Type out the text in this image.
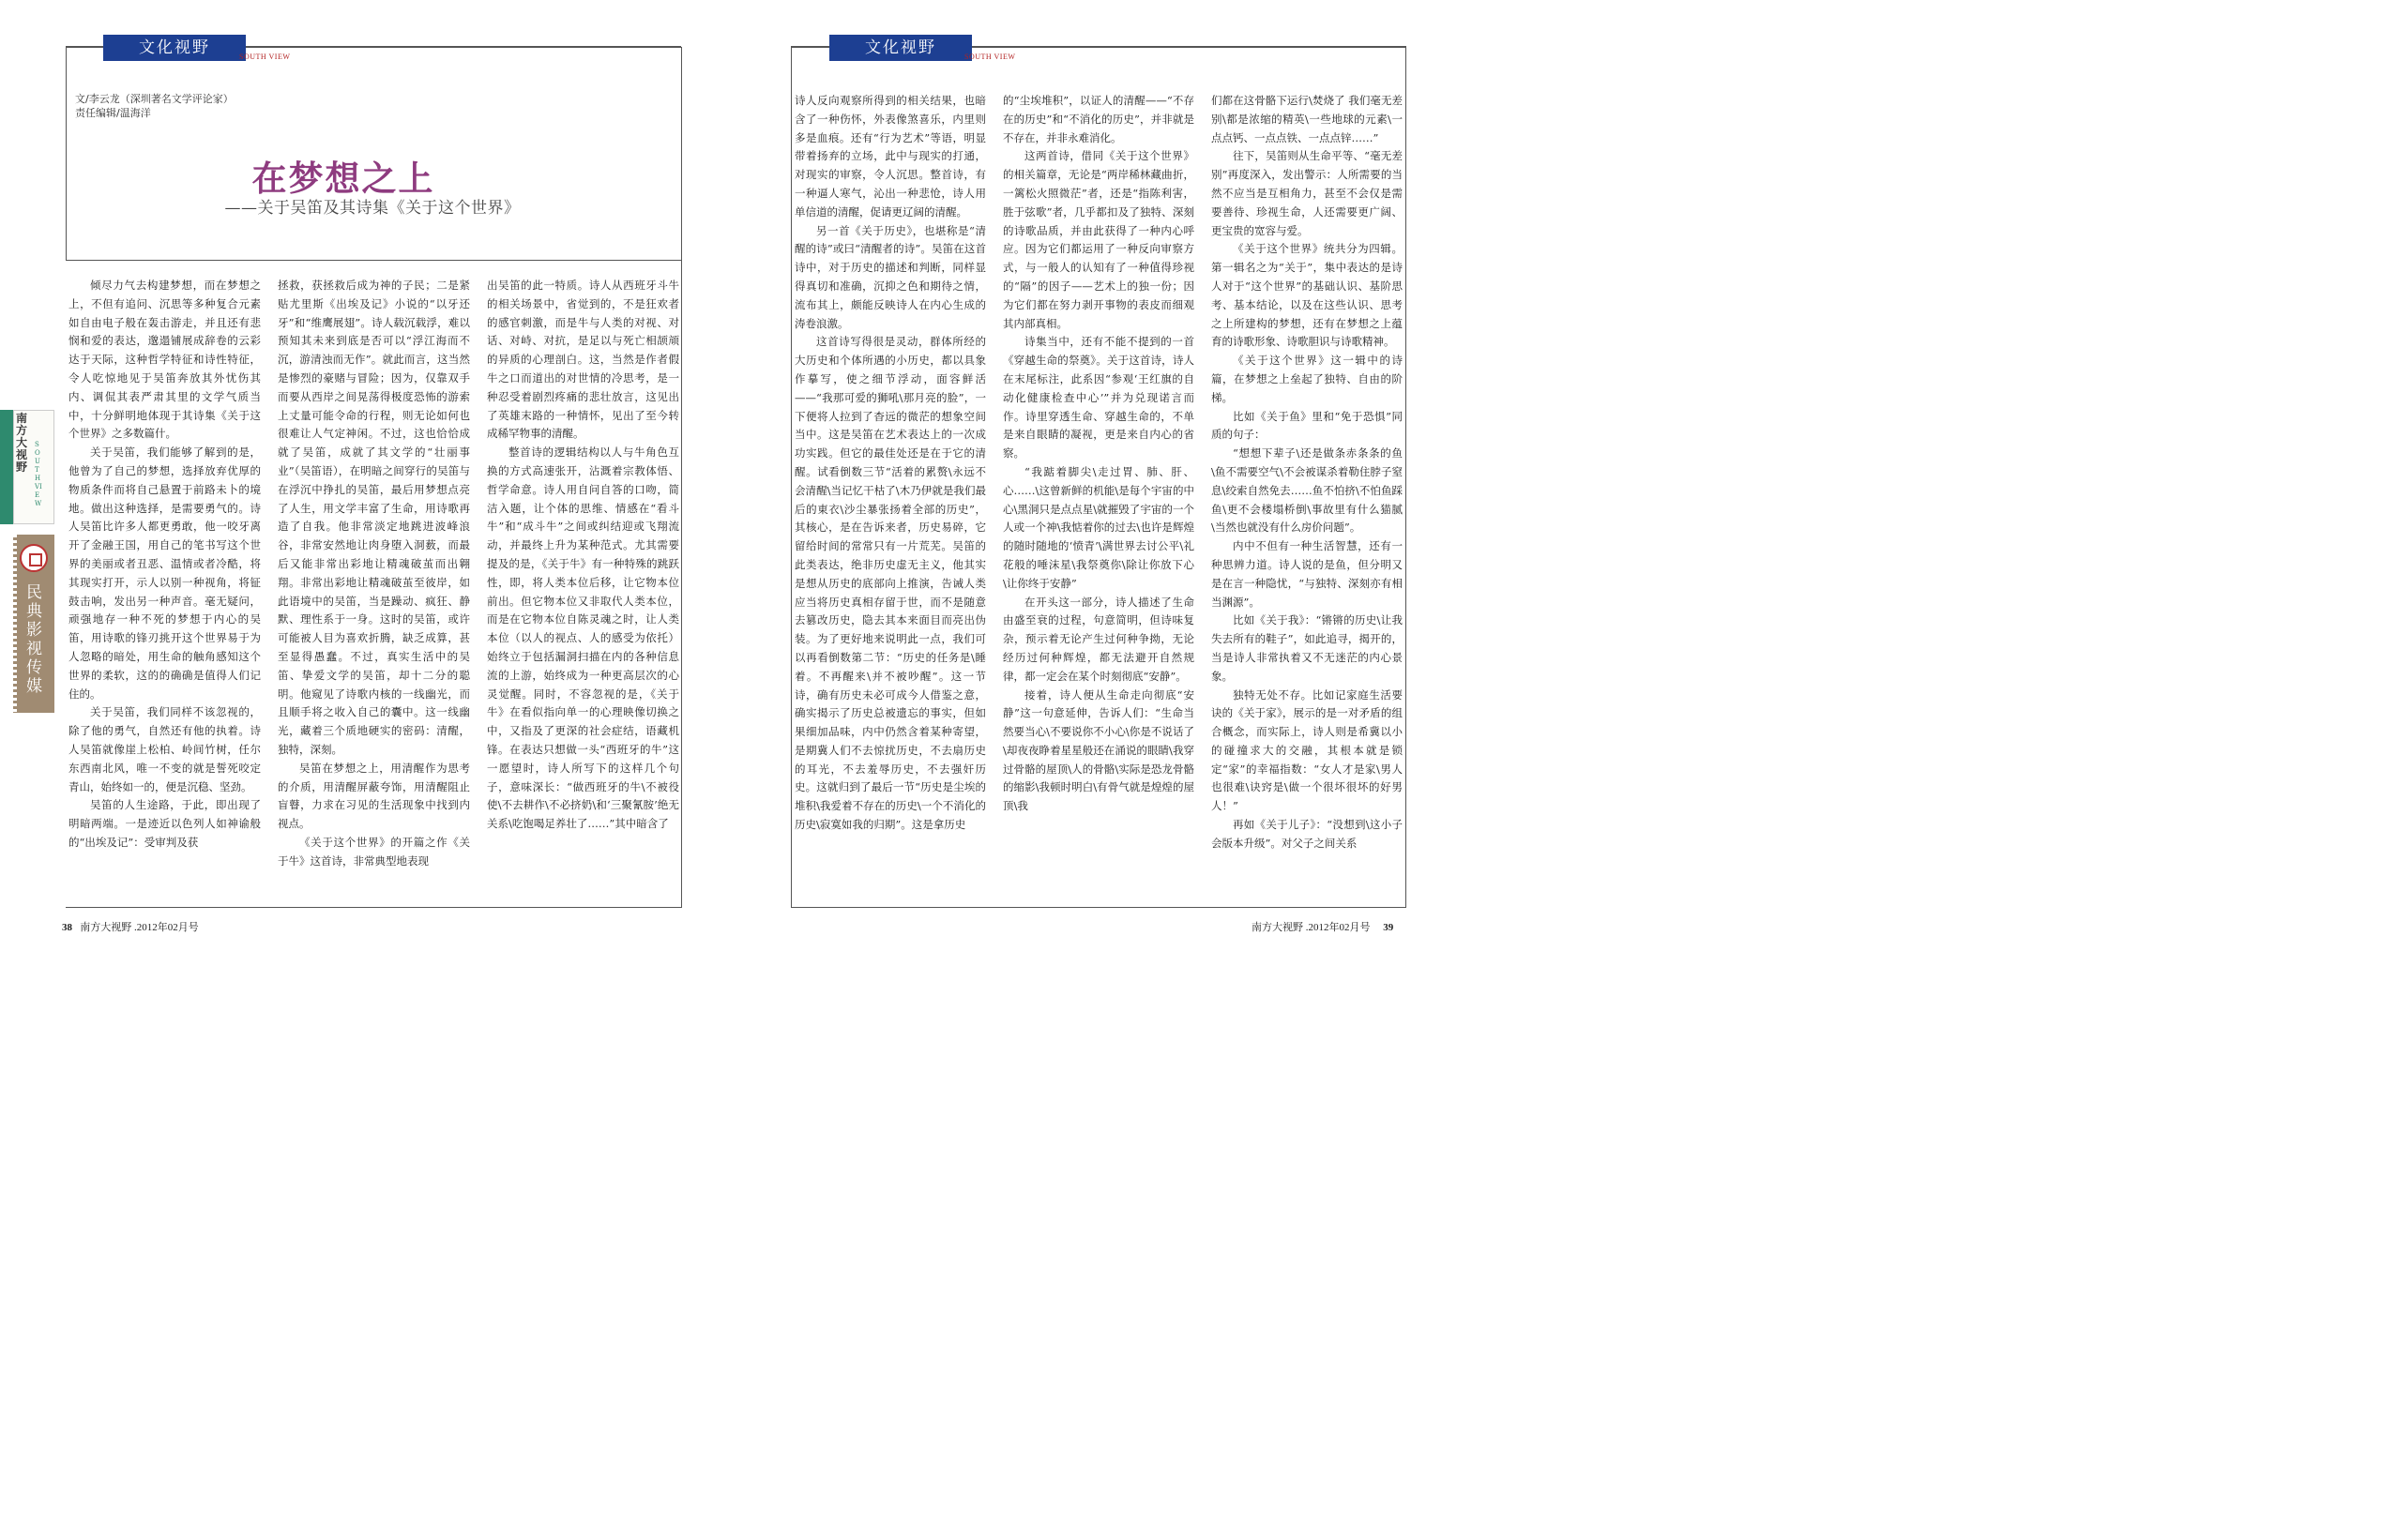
文化视野	SOUTH VIEW
文/李云龙（深圳著名文学评论家）
责任编辑/温海洋
在梦想之上
——关于吴笛及其诗集《关于这个世界》

倾尽力气去构建梦想，而在梦想之上，不但有追问、沉思等多种复合元素如自由电子般在轰击游走，并且还有悲悯和爱的表达，邈遢铺展成辞卷的云彩达于天际，这种哲学特征和诗性特征，令人吃惊地见于吴笛奔放其外忧伤其内、调侃其表严肃其里的文学气质当中，十分鲜明地体现于其诗集《关于这个世界》之多数篇什。

关于吴笛，我们能够了解到的是，他曾为了自己的梦想，选择放弃优厚的物质条件而将自己悬置于前路未卜的境地。做出这种选择，是需要勇气的。诗人吴笛比许多人都更勇敢，他一咬牙离开了金融王国，用自己的笔书写这个世界的美丽或者丑恶、温情或者冷酷，将其现实打开，示人以别一种视角，将钲鼓击响，发出另一种声音。毫无疑问，顽强地存一种不死的梦想于内心的吴笛，用诗歌的锋刃挑开这个世界易于为人忽略的暗处，用生命的触角感知这个世界的柔软，这的的确确是值得人们记住的。

关于吴笛，我们同样不该忽视的，除了他的勇气，自然还有他的执着。诗人吴笛就像崖上松柏、岭间竹树，任尔东西南北风，唯一不变的就是誓死咬定青山，始终如一的，便是沉稳、坚劲。

吴笛的人生途路，于此，即出现了明暗两端。一是迹近以色列人如神谕般的“出埃及记”：受审判及获

拯救，获拯救后成为神的子民；二是紧贴尤里斯《出埃及记》小说的“以牙还牙”和“维鹰展翅”。诗人载沉载浮，难以预知其未来到底是否可以“浮江海而不沉，游清浊而无作”。就此而言，这当然是惨烈的豪赌与冒险；因为，仅靠双手而要从西岸之间晃荡得极度恐怖的游索上丈量可能令命的行程，则无论如何也很难让人气定神闲。不过，这也恰恰成就了吴笛，成就了其文学的“壮丽事业”（吴笛语），在明暗之间穿行的吴笛与在浮沉中挣扎的吴笛，最后用梦想点亮了人生，用文学丰富了生命，用诗歌再造了自我。他非常淡定地跳进波峰浪谷，非常安然地让肉身堕入洞薮，而最后又能非常出彩地让精魂破茧而出翱翔。非常出彩地让精魂破茧至彼岸，如此语境中的吴笛，当是躁动、疯狂、静默、理性系于一身。这时的吴笛，或许可能被人目为喜欢折腾，缺乏成算，甚至显得愚蠢。不过，真实生活中的吴笛、挚爱文学的吴笛，却十二分的聪明。他窥见了诗歌内核的一线幽光，而且顺手将之收入自己的囊中。这一线幽光，藏着三个质地硬实的密码：清醒，独特，深刻。

吴笛在梦想之上，用清醒作为思考的介质，用清醒屏蔽夸饰，用清醒阻止盲瞽，力求在习见的生活现象中找到内视点。

《关于这个世界》的开篇之作《关于牛》这首诗，非常典型地表现

出吴笛的此一特质。诗人从西班牙斗牛的相关场景中，省觉到的，不是狂欢者的感官刺激，而是牛与人类的对视、对话、对峙、对抗，是足以与死亡相颉颃的异质的心理剖白。这，当然是作者假牛之口而道出的对世情的冷思考，是一种忍受着剧烈疼痛的悲壮放言，这见出了英雄末路的一种情怀，见出了至今转成稀罕物事的清醒。

整首诗的逻辑结构以人与牛角色互换的方式高速张开，沾溉着宗教体悟、哲学命意。诗人用自问自答的口吻，简洁入题，让个体的思维、情感在“看斗牛”和“成斗牛”之间或纠结迎或飞翔流动，并最终上升为某种范式。尤其需要提及的是，《关于牛》有一种特殊的跳跃性，即，将人类本位后移，让它物本位前出。但它物本位又非取代人类本位，而是在它物本位自陈灵魂之时，让人类本位（以人的视点、人的感受为依托）始终立于包括漏洞扫描在内的各种信息流的上游，始终成为一种更高层次的心灵觉醒。同时，不容忽视的是，《关于牛》在看似指向单一的心理映像切换之中，又指及了更深的社会症结，语藏机锋。在表达只想做一头“西班牙的牛”这一愿望时，诗人所写下的这样几个句子，意味深长：“做西班牙的牛\不被役使\不去耕作\不必挤奶\和‘三聚氰胺’绝无关系\吃饱喝足养壮了……”其中暗含了

38 南方大视野 .2012年02月号
南方大视野
SOUTH VIEW
民典影视传媒
文化视野	SOUTH VIEW

诗人反向观察所得到的相关结果，也暗含了一种伤怀，外表像煞喜乐，内里则多是血痕。还有“行为艺术”等语，明显带着扬弃的立场，此中与现实的打通，对现实的审察，令人沉思。整首诗，有一种逼人寒气，沁出一种悲怆，诗人用单信道的清醒，促请更辽阔的清醒。

另一首《关于历史》，也堪称是“清醒的诗”或曰“清醒者的诗”。吴笛在这首诗中，对于历史的描述和判断，同样显得真切和准确，沉抑之色和期待之情，流布其上，颇能反映诗人在内心生成的涛卷浪激。

这首诗写得很是灵动，群体所经的大历史和个体所遇的小历史，都以具象作摹写，使之细节浮动，面容鲜活——“我那可爱的狮吼\那月亮的脸”，一下便将人拉到了杳远的微茫的想象空间当中。这是吴笛在艺术表达上的一次成功实践。但它的最佳处还是在于它的清醒。试看倒数三节“活着的累赘\永远不会清醒\当记忆干枯了\木乃伊就是我们最后的東衣\沙尘暴张扬着全部的历史”，其核心，是在告诉来者，历史易碎，它留给时间的常常只有一片荒芜。吴笛的此类表达，绝非历史虚无主义，他其实是想从历史的底部向上推演，告诫人类应当将历史真相存留于世，而不是随意去篡改历史，隐去其本来面目而亮出伪装。为了更好地来说明此一点，我们可以再看倒数第二节：“历史的任务是\睡着。不再醒来\并不被吵醒”。这一节诗，确有历史未必可成今人借鉴之意，确实揭示了历史总被遗忘的事实，但如果细加品味，内中仍然含着某种寄望，是期冀人们不去惊扰历史，不去扇历史的耳光，不去羞辱历史，不去强奸历史。这就归到了最后一节“历史是尘埃的堆积\我爱着不存在的历史\一个不消化的历史\寂寞如我的归期”。这是拿历史

的“尘埃堆积”，以证人的清醒——“不存在的历史”和“不消化的历史”，并非就是不存在，并非永难消化。

这两首诗，借同《关于这个世界》的相关篇章，无论是“两岸稀林藏曲折，一篱松火照微茫”者，还是“指陈利害，胜于弦歌”者，几乎都扣及了独特、深刻的诗歌品质，并由此获得了一种内心呼应。因为它们都运用了一种反向审察方式，与一般人的认知有了一种值得珍视的“隔”的因子——艺术上的独一份；因为它们都在努力剥开事物的表皮而细观其内部真相。

诗集当中，还有不能不提到的一首《穿越生命的祭奠》。关于这首诗，诗人在末尾标注，此系因“参观‘王红旗的自动化健康检查中心’”并为兑现诺言而作。诗里穿透生命、穿越生命的，不单是来自眼睛的凝视，更是来自内心的省察。

“我踮着脚尖\走过胃、肺、肝、心……\这曾新鲜的机能\是每个宇宙的中心\黑洞只是点点星\就摧毁了宇宙的一个人或一个神\我惦着你的过去\也许是辉煌的随时随地的‘愤青’\满世界去讨公平\礼花般的唾沫星\我祭奠你\除让你放下心\让你终于安静”

在开头这一部分，诗人描述了生命由盛至衰的过程，句意简明，但诗味复杂，预示着无论产生过何种争拗，无论经历过何种辉煌，都无法避开自然规律，都一定会在某个时刻彻底“安静”。

接着，诗人便从生命走向彻底“安静”这一句意延伸，告诉人们：“生命当然要当心\不要说你不小心\你是不说话了\却夜夜睁着星星般还在涌说的眼睛\我穿过骨骼的屋顶\人的骨骼\实际是恐龙骨骼的缩影\我顿时明白\有骨气就是煌煌的屋顶\我

们都在这骨骼下运行\焚烧了 我们毫无差别\都是浓缩的精英\一些地球的元素\一点点钙、一点点铁、一点点锌……”

往下，吴笛则从生命平等、“毫无差别”再度深入，发出警示：人所需要的当然不应当是互相角力，甚至不会仅是需要善待、珍视生命，人还需要更广阔、更宝贵的宽容与爱。

《关于这个世界》统共分为四辑。第一辑名之为“关于”，集中表达的是诗人对于“这个世界”的基础认识、基阶思考、基本结论，以及在这些认识、思考之上所建构的梦想，还有在梦想之上蕴育的诗歌形象、诗歌胆识与诗歌精神。

《关于这个世界》这一辑中的诗篇，在梦想之上垒起了独特、自由的阶梯。

比如《关于鱼》里和“免于恐惧”同质的句子：

“想想下辈子\还是做条赤条条的鱼\鱼不需要空气\不会被谋杀着勒住脖子窒息\绞索自然免去……鱼不怕挤\不怕鱼踩鱼\更不会楼塌桥倒\事故里有什么猫腻\当然也就没有什么房价问题”。

内中不但有一种生活智慧，还有一种思辨力道。诗人说的是鱼，但分明又是在言一种隐忧，“与独特、深刻亦有相当渊源”。

比如《关于我》：“锵锵的历史\让我失去所有的鞋子”，如此追寻，揭开的，当是诗人非常执着又不无迷茫的内心景象。

独特无处不存。比如记家庭生活要诀的《关于家》，展示的是一对矛盾的组合概念，而实际上，诗人则是希冀以小的碰撞求大的交融，其根本就是锁定“家”的幸福指数：“女人才是家\男人也很难\诀窍是\做一个很坏很坏的好男人！”

再如《关于儿子》：“没想到\这小子会版本升级”。对父子之间关系

南方大视野 .2012年02月号 39
